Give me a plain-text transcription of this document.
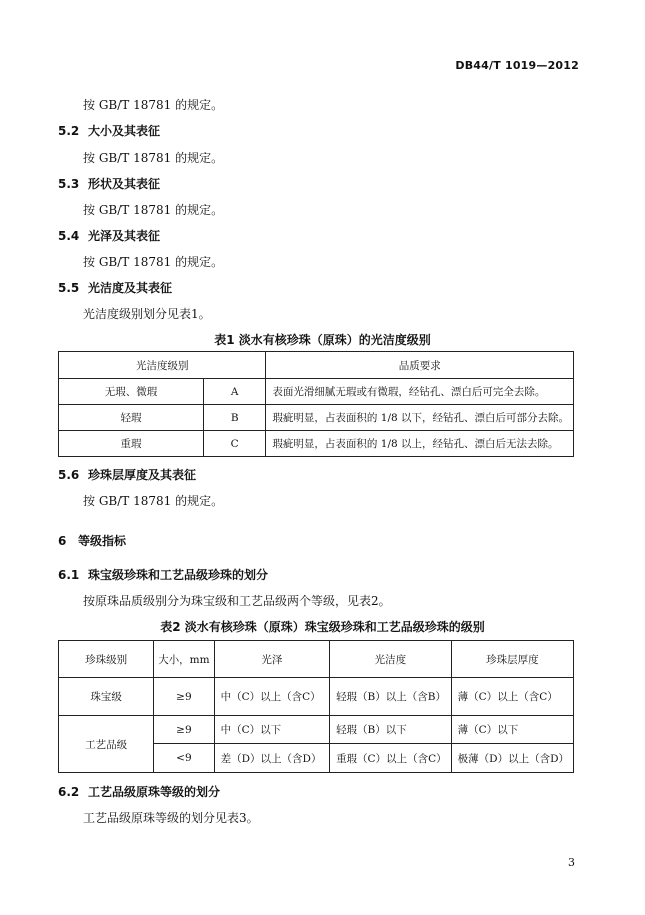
DB44/T 1019—2012
按 GB/T 18781 的规定。
5.2 大小及其表征
按 GB/T 18781 的规定。
5.3 形状及其表征
按 GB/T 18781 的规定。
5.4 光泽及其表征
按 GB/T 18781 的规定。
5.5 光洁度及其表征
光洁度级别划分见表1。
表1 淡水有核珍珠（原珠）的光洁度级别
光洁度级别		品质要求
无瑕、微瑕	A	表面光滑细腻无瑕或有微瑕，经钻孔、漂白后可完全去除。
轻瑕	B	瑕疵明显，占表面积的 1/8 以下，经钻孔、漂白后可部分去除。
重瑕	C	瑕疵明显，占表面积的 1/8 以上，经钻孔、漂白后无法去除。
5.6 珍珠层厚度及其表征
按 GB/T 18781 的规定。
6 等级指标
6.1 珠宝级珍珠和工艺品级珍珠的划分
按原珠品质级别分为珠宝级和工艺品级两个等级，见表2。
表2 淡水有核珍珠（原珠）珠宝级珍珠和工艺品级珍珠的级别
珍珠级别	大小，mm	光泽	光洁度	珍珠层厚度
珠宝级	≥9	中（C）以上（含C）	轻瑕（B）以上（含B）	薄（C）以上（含C）
工艺品级	≥9	中（C）以下	轻瑕（B）以下	薄（C）以下
	<9	差（D）以上（含D）	重瑕（C）以上（含C）	极薄（D）以上（含D）
6.2 工艺品级原珠等级的划分
工艺品级原珠等级的划分见表3。
3
